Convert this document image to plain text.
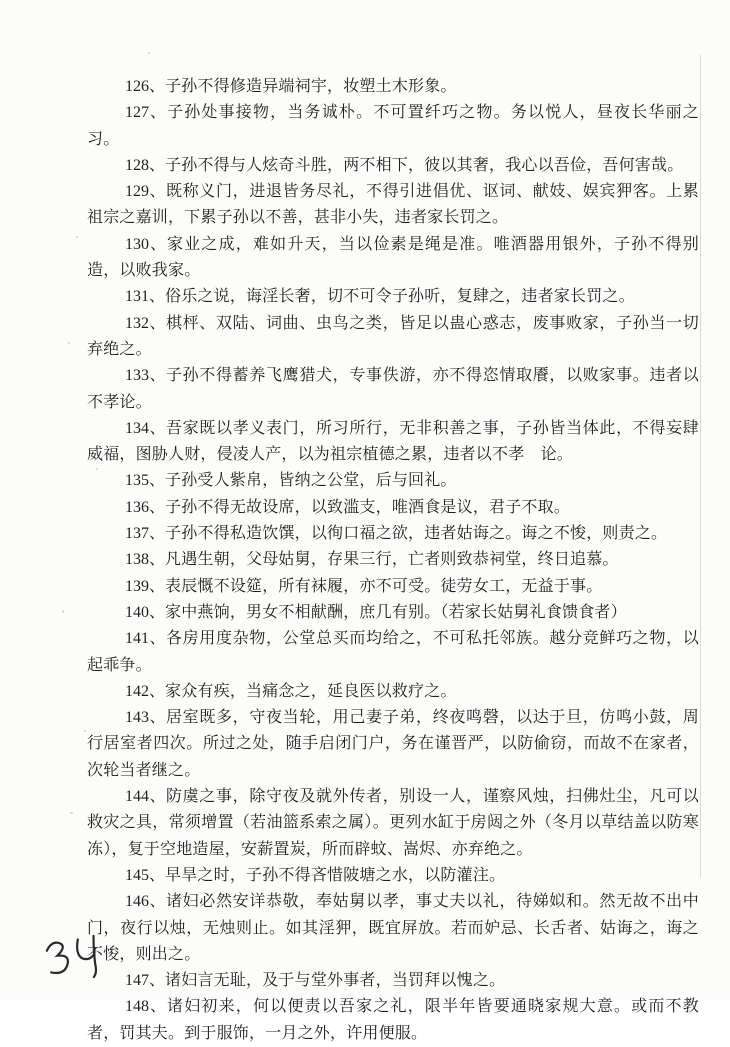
126、子孙不得修造异端祠宇，妆塑土木形象。

127、子孙处事接物，当务诚朴。不可置纤巧之物。务以悦人，昼夜长华丽之习。

128、子孙不得与人炫奇斗胜，两不相下，彼以其奢，我心以吾俭，吾何害哉。

129、既称义门，进退皆务尽礼，不得引进倡优、讴词、献妓、娱宾狎客。上累祖宗之嘉训，下累子孙以不善，甚非小失，违者家长罚之。

130、家业之成，难如升天，当以俭素是绳是准。唯酒器用银外，子孙不得别造，以败我家。

131、俗乐之说，诲淫长奢，切不可令子孙听，复肆之，违者家长罚之。

132、棋枰、双陆、词曲、虫鸟之类，皆足以蛊心惑志，废事败家，子孙当一切弃绝之。

133、子孙不得蓄养飞鹰猎犬，专事佚游，亦不得恣情取餍，以败家事。违者以不孝论。

134、吾家既以孝义表门，所习所行，无非积善之事，子孙皆当体此，不得妄肆威福，图胁人财，侵凌人产，以为祖宗植德之累，违者以不孝　论。

135、子孙受人紫帛，皆纳之公堂，后与回礼。

136、子孙不得无故设席，以致滥支，唯酒食是议，君子不取。

137、子孙不得私造饮馔，以徇口福之欲，违者姑诲之。诲之不悛，则责之。

138、凡遇生朝，父母姑舅，存果三行，亡者则致恭祠堂，终日追慕。

139、表辰慨不设筵，所有袜履，亦不可受。徒劳女工，无益于事。

140、家中燕饷，男女不相献酬，庶几有别。（若家长姑舅礼食馈食者）

141、各房用度杂物，公堂总买而均给之，不可私托邻族。越分竞鲜巧之物，以起乖争。

142、家众有疾，当痛念之，延良医以救疗之。

143、居室既多，守夜当轮，用己妻子弟，终夜鸣磬，以达于旦，仿鸣小鼓，周行居室者四次。所过之处，随手启闭门户，务在谨晋严，以防偷窃，而故不在家者，次轮当者继之。

144、防虞之事，除守夜及就外传者，别设一人，谨察风烛，扫佛灶尘，凡可以救灾之具，常须增置（若油篮系索之属）。更列水缸于房闼之外（冬月以草结盖以防寒冻），复于空地造屋，安薪置炭，所而辟蚊、嵩烬、亦弃绝之。

145、早旱之时，子孙不得吝惜陂塘之水，以防灌注。

146、诸妇必然安详恭敬，奉姑舅以孝，事丈夫以礼，待娣姒和。然无故不出中门，夜行以烛，无烛则止。如其淫狎，既宜屏放。若而妒忌、长舌者、姑诲之，诲之不悛，则出之。

147、诸妇言无耻，及于与堂外事者，当罚拜以愧之。

148、诸妇初来，何以便责以吾家之礼，限半年皆要通晓家规大意。或而不教者，罚其夫。到于服饰，一月之外，许用便服。
